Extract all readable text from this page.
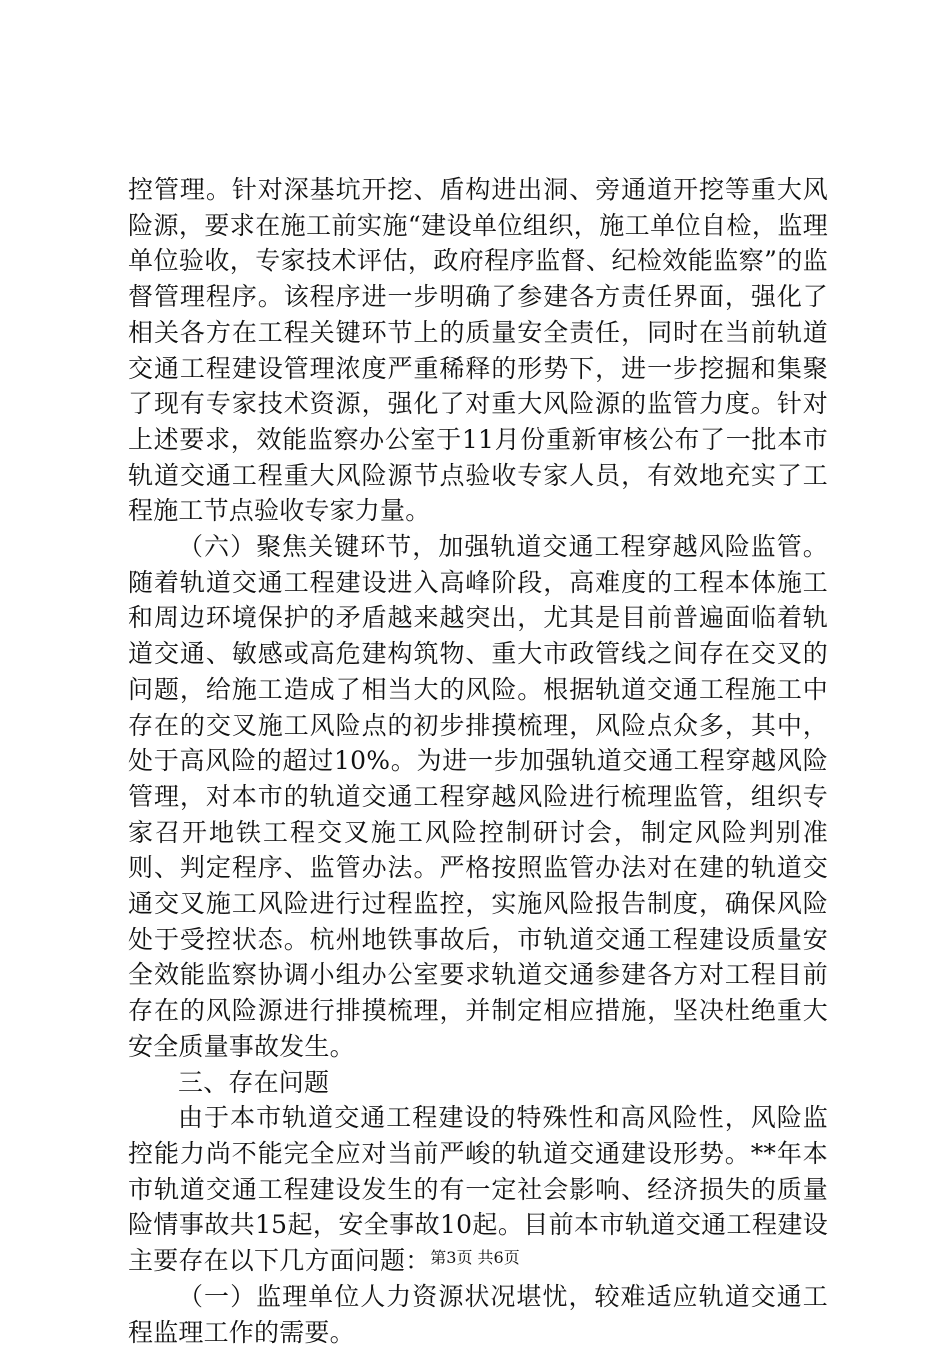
控管理。针对深基坑开挖、盾构进出洞、旁通道开挖等重大风险源，要求在施工前实施“建设单位组织，施工单位自检，监理单位验收，专家技术评估，政府程序监督、纪检效能监察”的监督管理程序。该程序进一步明确了参建各方责任界面，强化了相关各方在工程关键环节上的质量安全责任，同时在当前轨道交通工程建设管理浓度严重稀释的形势下，进一步挖掘和集聚了现有专家技术资源，强化了对重大风险源的监管力度。针对上述要求，效能监察办公室于11月份重新审核公布了一批本市轨道交通工程重大风险源节点验收专家人员，有效地充实了工程施工节点验收专家力量。

（六）聚焦关键环节，加强轨道交通工程穿越风险监管。随着轨道交通工程建设进入高峰阶段，高难度的工程本体施工和周边环境保护的矛盾越来越突出，尤其是目前普遍面临着轨道交通、敏感或高危建构筑物、重大市政管线之间存在交叉的问题，给施工造成了相当大的风险。根据轨道交通工程施工中存在的交叉施工风险点的初步排摸梳理，风险点众多，其中，处于高风险的超过10%。为进一步加强轨道交通工程穿越风险管理，对本市的轨道交通工程穿越风险进行梳理监管，组织专家召开地铁工程交叉施工风险控制研讨会，制定风险判别准则、判定程序、监管办法。严格按照监管办法对在建的轨道交通交叉施工风险进行过程监控，实施风险报告制度，确保风险处于受控状态。杭州地铁事故后，市轨道交通工程建设质量安全效能监察协调小组办公室要求轨道交通参建各方对工程目前存在的风险源进行排摸梳理，并制定相应措施，坚决杜绝重大安全质量事故发生。

三、存在问题

由于本市轨道交通工程建设的特殊性和高风险性，风险监控能力尚不能完全应对当前严峻的轨道交通建设形势。**年本市轨道交通工程建设发生的有一定社会影响、经济损失的质量险情事故共15起，安全事故10起。目前本市轨道交通工程建设主要存在以下几方面问题：

（一）监理单位人力资源状况堪忧，较难适应轨道交通工程监理工作的需要。

第3页 共6页
